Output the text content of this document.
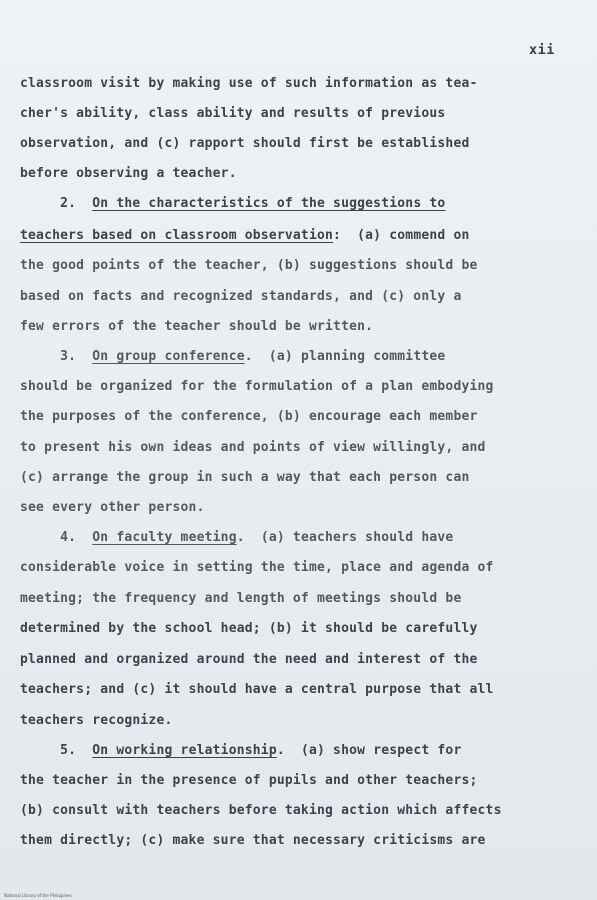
xii
classroom visit by making use of such information as tea-
cher's ability, class ability and results of previous
observation, and (c) rapport should first be established
before observing a teacher.
2.  On the characteristics of the suggestions to
teachers based on classroom observation:  (a) commend on
the good points of the teacher, (b) suggestions should be
based on facts and recognized standards, and (c) only a
few errors of the teacher should be written.
3.  On group conference.  (a) planning committee
should be organized for the formulation of a plan embodying
the purposes of the conference, (b) encourage each member
to present his own ideas and points of view willingly, and
(c) arrange the group in such a way that each person can
see every other person.
4.  On faculty meeting.  (a) teachers should have
considerable voice in setting the time, place and agenda of
meeting; the frequency and length of meetings should be
determined by the school head; (b) it should be carefully
planned and organized around the need and interest of the
teachers; and (c) it should have a central purpose that all
teachers recognize.
5.  On working relationship.  (a) show respect for
the teacher in the presence of pupils and other teachers;
(b) consult with teachers before taking action which affects
them directly; (c) make sure that necessary criticisms are
National Library of the Philippines
